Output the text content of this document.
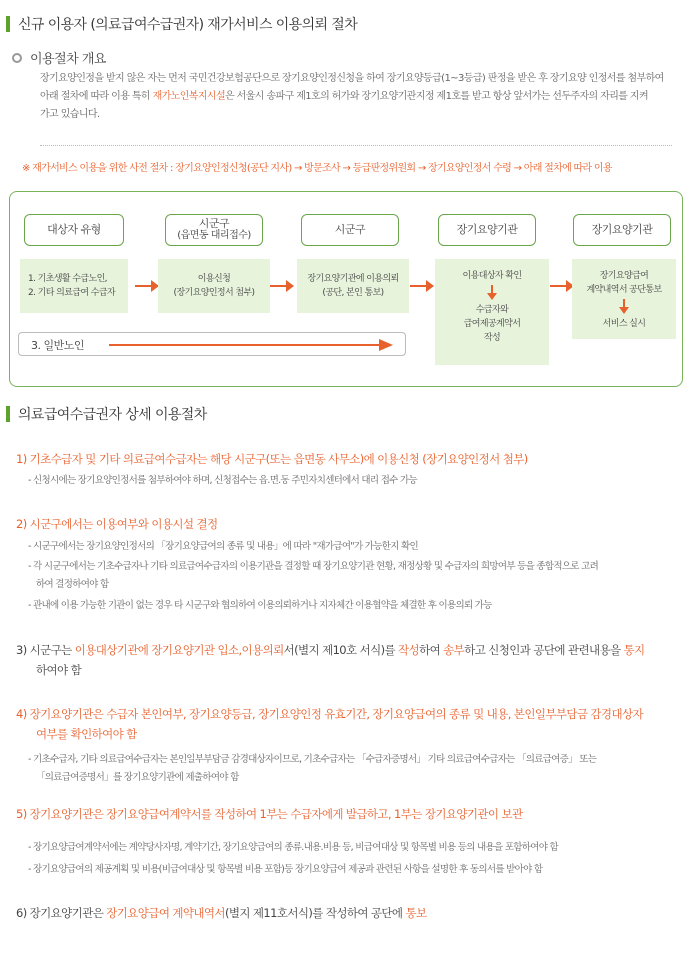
신규 이용자 (의료급여수급권자) 재가서비스 이용의뢰 절차
이용절차 개요
장기요양인정을 받지 않은 자는 먼저 국민건강보험공단으로 장기요양인정신청을 하여 장기요양등급(1~3등급) 판정을 받은 후 장기요양 인정서를 첨부하여
아래 절차에 따라 이용 특히 재가노인복지시설은 서울시 송파구 제1호의 허가와 장기요양기관지정 제1호를 받고 항상 앞서가는 선두주자의 자리를 지켜
가고 있습니다.
※ 재가서비스 이용을 위한 사전 절차 : 장기요양인정신청(공단 지사) → 방문조사 → 등급판정위원회 → 장기요양인정서 수령 → 아래 절차에 따라 이용
대상자 유형	시군구
(읍면동 대리접수)	시군구	장기요양기관	장기요양기관
1. 기초생활 수급노인,
2. 기타 의료급여 수급자
이용신청
(장기요양인정서 첨부)
장기요양기관에 이용의뢰
(공단, 본인 통보)
이용대상자 확인
수급자와
급여제공계약서
작성
장기요양급여
계약내역서 공단통보
서비스 실시
3. 일반노인
의료급여수급권자 상세 이용절차
1) 기초수급자 및 기타 의료급여수급자는 해당 시군구(또는 읍면동 사무소)에 이용신청 (장기요양인정서 첨부)
- 신청시에는 장기요양인정서를 첨부하여야 하며, 신청접수는 읍.면.동 주민자치센터에서 대리 접수 가능
2) 시군구에서는 이용여부와 이용시설 결정
- 시군구에서는 장기요양인정서의 「장기요양급여의 종류 및 내용」에 따라 "재가급여"가 가능한지 확인
- 각 시군구에서는 기초수급자나 기타 의료급여수급자의 이용기관을 결정할 때 장기요양기관 현황, 재정상황 및 수급자의 희망여부 등을 종합적으로 고려
하여 결정하여야 함
- 관내에 이용 가능한 기관이 없는 경우 타 시군구와 협의하여 이용의뢰하거나 지자체간 이용협약을 체결한 후 이용의뢰 가능
3) 시군구는 이용대상기관에 장기요양기관 입소,이용의뢰서(별지 제10호 서식)를 작성하여 송부하고 신청인과 공단에 관련내용을 통지
하여야 함
4) 장기요양기관은 수급자 본인여부, 장기요양등급, 장기요양인정 유효기간, 장기요양급여의 종류 및 내용, 본인일부부담금 감경대상자
여부를 확인하여야 함
- 기초수급자, 기타 의료급여수급자는 본인일부부담금 감경대상자이므로, 기초수급자는 「수급자증명서」 기타 의료급여수급자는 「의료급여증」 또는
「의료급여증명서」를 장기요양기관에 제출하여야 함
5) 장기요양기관은 장기요양급여계약서를 작성하여 1부는 수급자에게 발급하고, 1부는 장기요양기관이 보관
- 장기요양급여계약서에는 계약당사자명, 계약기간, 장기요양급여의 종류.내용.비용 등, 비급여대상 및 항목별 비용 등의 내용을 포함하여야 함
- 장기요양급여의 제공계획 및 비용(비급여대상 및 항목별 비용 포함)등 장기요양급여 제공과 관련된 사항을 설명한 후 동의서를 받아야 함
6) 장기요양기관은 장기요양급여 계약내역서(별지 제11호서식)를 작성하여 공단에 통보
